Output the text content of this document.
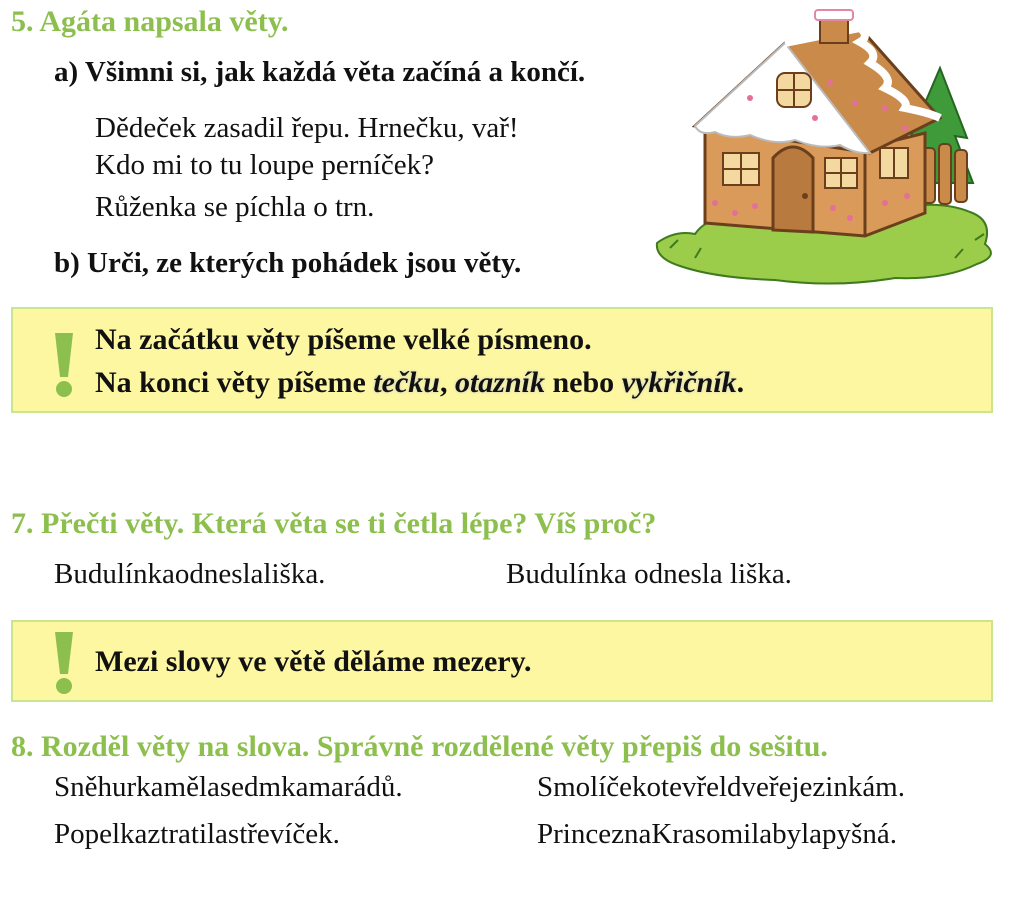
5. Agáta napsala věty.
a) Všimni si, jak každá věta začíná a končí.
Dědeček zasadil řepu. Hrnečku, vař!
Kdo mi to tu loupe perníček?
Růženka se píchla o trn.
b) Urči, ze kterých pohádek jsou věty.
Na začátku věty píšeme velké písmeno.
Na konci věty píšeme tečku, otazník nebo vykřičník.
7. Přečti věty. Která věta se ti četla lépe? Víš proč?
Budulínkaodneslališka.	Budulínka odnesla liška.
Mezi slovy ve větě děláme mezery.
8. Rozděl věty na slova. Správně rozdělené věty přepiš do sešitu.
Sněhurkamělasedmkamarádů.	Smolíčekotevřeldveřejezinkám.
Popelkaztratilastřevíček.	PrinceznaKrasomilabylapyšná.
